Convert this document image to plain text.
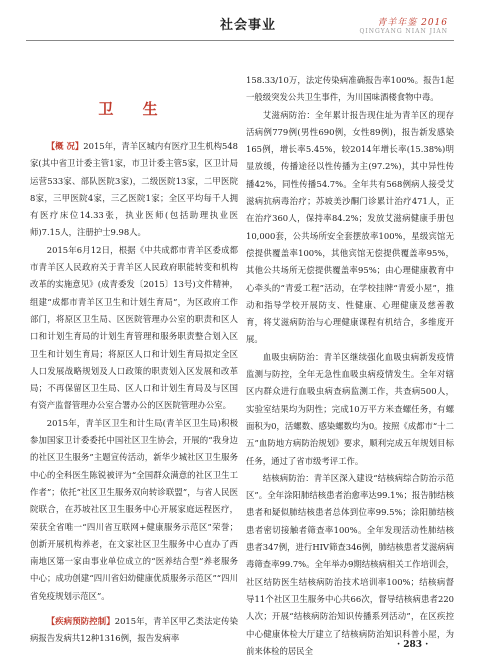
社会事业	青羊年鉴 2016
QINGYANG NIAN JIAN
卫 生

【概 况】2015年，青羊区城内有医疗卫生机构548家(其中省卫计委主管1家，市卫计委主管5家，区卫计局运营533家、部队医院3家)，二级医院13家，二甲医院8家，三甲医院4家，三乙医院1家；全区平均每千人拥有医疗床位14.33张，执业医师(包括助理执业医师)7.15人，注册护士9.98人。

2015年6月12日，根据《中共成都市青羊区委成都市青羊区人民政府关于青羊区人民政府职能转变和机构改革的实施意见》(成青委发〔2015〕13号)文件精神，组建“成都市青羊区卫生和计划生育局”，为区政府工作部门，将原区卫生局、区医院管理办公室的职责和区人口和计划生育局的计划生育管理和服务职责整合划入区卫生和计划生育局；将原区人口和计划生育局拟定全区人口发展战略规划及人口政策的职责划入区发展和改革局；不再保留区卫生局、区人口和计划生育局及与区国有资产监督管理办公室合署办公的区医院管理办公室。

2015年，青羊区卫生和计生局(青羊区卫生局)积极参加国家卫计委委托中国社区卫生协会，开展的“我身边的社区卫生服务”主题宣传活动，新华少城社区卫生服务中心的全科医生陈锐被评为“全国群众满意的社区卫生工作者”；依托“社区卫生服务双向转诊联盟”，与省人民医院联合，在苏坡社区卫生服务中心开展家庭远程医疗，荣获全省唯一“四川省互联网+健康服务示范区”荣誉；创新开展机构养老，在文家社区卫生服务中心直办了西南地区第一家由事业单位成立的“医养结合型”养老服务中心；成功创建“四川省妇幼健康优质服务示范区”“四川省免疫规划示范区”。

【疾病预防控制】2015年，青羊区甲乙类法定传染病报告发病共12种1316例，报告发病率

158.33/10万，法定传染病准确报告率100%。报告1起一般级突发公共卫生事件，为川国味酒楼食物中毒。

艾滋病防治：全年累计报告现住址为青羊区的现存活病例779例(男性690例，女性89例)，报告新发感染165例，增长率5.45%，较2014年增长率(15.38%)明显放缓，传播途径以性传播为主(97.2%)，其中异性传播42%，同性传播54.7%。全年共有568例病人接受艾滋病抗病毒治疗；苏坡美沙酮门诊累计治疗471人，正在治疗360人，保持率84.2%；发放艾滋病健康手册包10,000套，公共场所安全套摆放率100%，星级宾馆无偿提供覆盖率100%，其他宾馆无偿提供覆盖率95%，其他公共场所无偿提供覆盖率95%；由心理健康教育中心牵头的“青爱工程”活动，在学校挂牌“青爱小屋”，推动和指导学校开展防支、性健康、心理健康及慈善教育，将艾滋病防治与心理健康课程有机结合，多维度开展。

血吸虫病防治：青羊区继续强化血吸虫病新发疫情监测与防控，全年无急性血吸虫病疫情发生。全年对辖区内群众进行血吸虫病查病监测工作，共查病500人，实验室结果均为阴性；完成10万平方米查螺任务，有螺面积为0，活螺数、感染螺数均为0。按照《成都市“十二五”血防地方病防治规划》要求，顺利完成五年规划目标任务，通过了省市级考评工作。

结核病防治：青羊区深入建设“结核病综合防治示范区”。全年涂阳肺结核患者治愈率达99.1%；报告肺结核患者和疑似肺结核患者总体到位率99.5%；涂阳肺结核患者密切接触者筛查率100%。全年发现活动性肺结核患者347例，进行HIV筛查346例，肺结核患者艾滋病病毒筛查率99.7%。全年举办9期结核病相关工作培训会，社区结防医生结核病防治技术培训率100%；结核病督导11个社区卫生服务中心共66次，督导结核病患者220人次；开展“结核病防治知识传播系列活动”，在区疾控中心健康体检大厅建立了结核病防治知识科普小屋，为前来体检的居民全

· 283 ·
